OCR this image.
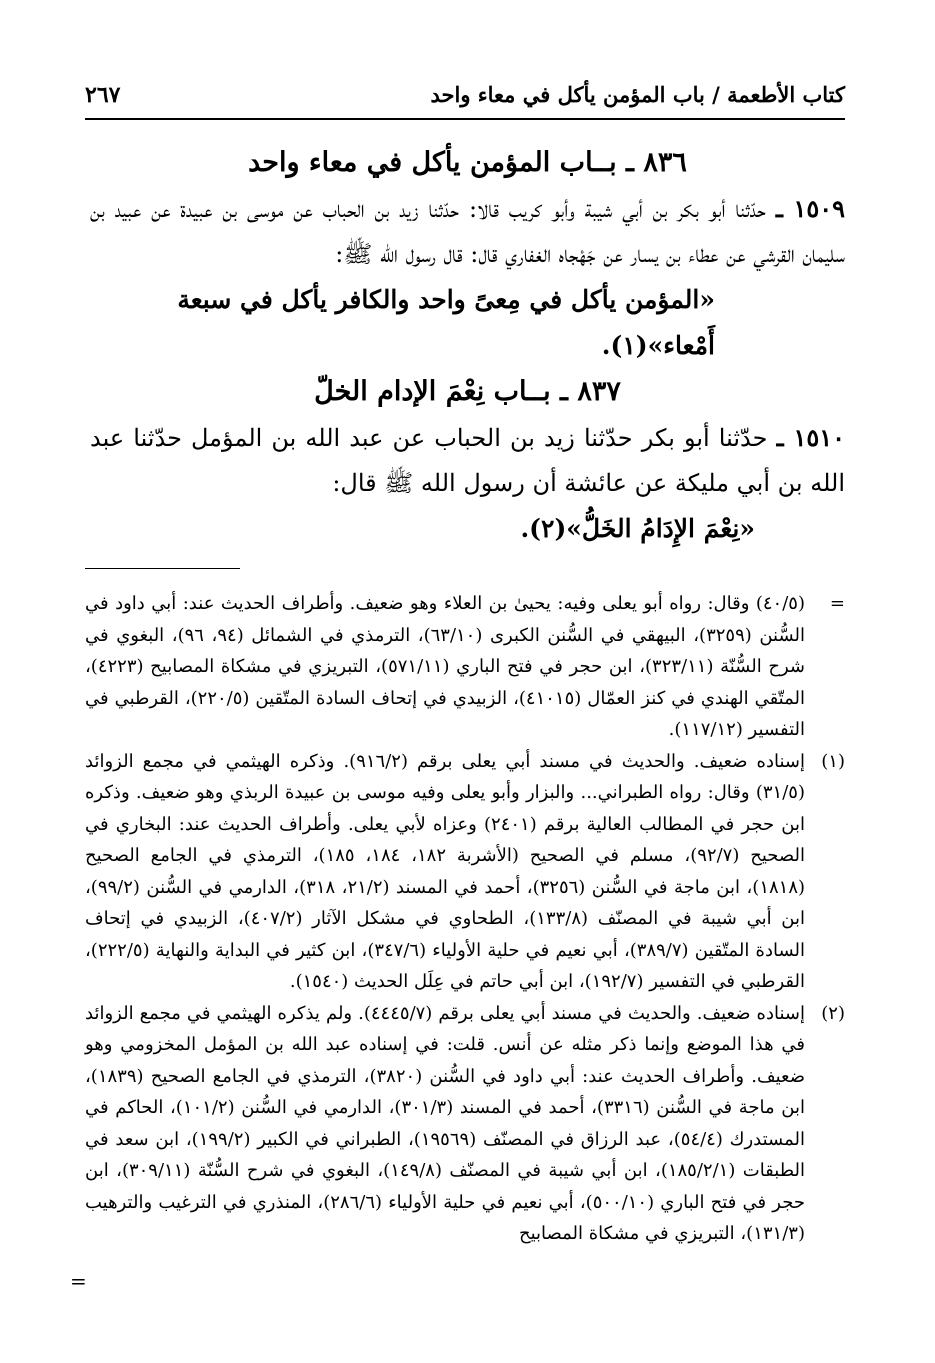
كتاب الأطعمة / باب المؤمن يأكل في معاء واحد
٢٦٧

٨٣٦ ـ بــاب المؤمن يأكل في معاء واحد

١٥٠٩ ـ حدّثنا أبو بكر بن أبي شيبة وأبو كريب قالا: حدّثنا زيد بن الحباب عن موسى بن عبيدة عن عبيد بن سليمان القرشي عن عطاء بن يسار عن جَهْجاه الغفاري قال: قال رسول الله ﷺ:

«المؤمن يأكل في مِعىً واحد والكافر يأكل في سبعة أَمْعاء»(١).

٨٣٧ ـ بــاب نِعْمَ الإدام الخلّ

١٥١٠ ـ حدّثنا أبو بكر حدّثنا زيد بن الحباب عن عبد الله بن المؤمل حدّثنا عبد الله بن أبي مليكة عن عائشة أن رسول الله ﷺ قال:

«نِعْمَ الإِدَامُ الخَلُّ»(٢).

=

(٤٠/٥) وقال: رواه أبو يعلى وفيه: يحيىٰ بن العلاء وهو ضعيف. وأطراف الحديث عند: أبي داود في السُّنن (٣٢٥٩)، البيهقي في السُّنن الكبرى (٦٣/١٠)، الترمذي في الشمائل (٩٤، ٩٦)، البغوي في شرح السُّنّة (٣٢٣/١١)، ابن حجر في فتح الباري (٥٧١/١١)، التبريزي في مشكاة المصابيح (٤٢٢٣)، المتّقي الهندي في كنز العمّال (٤١٠١٥)، الزبيدي في إتحاف السادة المتّقين (٢٢٠/٥)، القرطبي في التفسير (١١٧/١٢).

(١)

إسناده ضعيف. والحديث في مسند أبي يعلى برقم (٩١٦/٢). وذكره الهيثمي في مجمع الزوائد (٣١/٥) وقال: رواه الطبراني... والبزار وأبو يعلى وفيه موسى بن عبيدة الربذي وهو ضعيف. وذكره ابن حجر في المطالب العالية برقم (٢٤٠١) وعزاه لأبي يعلى. وأطراف الحديث عند: البخاري في الصحيح (٩٢/٧)، مسلم في الصحيح (الأشربة ١٨٢، ١٨٤، ١٨٥)، الترمذي في الجامع الصحيح (١٨١٨)، ابن ماجة في السُّنن (٣٢٥٦)، أحمد في المسند (٢١/٢، ٣١٨)، الدارمي في السُّنن (٩٩/٢)، ابن أبي شيبة في المصنّف (١٣٣/٨)، الطحاوي في مشكل الآثار (٤٠٧/٢)، الزبيدي في إتحاف السادة المتّقين (٣٨٩/٧)، أبي نعيم في حلية الأولياء (٣٤٧/٦)، ابن كثير في البداية والنهاية (٢٢٢/٥)، القرطبي في التفسير (١٩٢/٧)، ابن أبي حاتم في عِلَل الحديث (١٥٤٠).

(٢)

إسناده ضعيف. والحديث في مسند أبي يعلى برقم (٤٤٤٥/٧). ولم يذكره الهيثمي في مجمع الزوائد في هذا الموضع وإنما ذكر مثله عن أنس. قلت: في إسناده عبد الله بن المؤمل المخزومي وهو ضعيف. وأطراف الحديث عند: أبي داود في السُّنن (٣٨٢٠)، الترمذي في الجامع الصحيح (١٨٣٩)، ابن ماجة في السُّنن (٣٣١٦)، أحمد في المسند (٣٠١/٣)، الدارمي في السُّنن (١٠١/٢)، الحاكم في المستدرك (٥٤/٤)، عبد الرزاق في المصنّف (١٩٥٦٩)، الطبراني في الكبير (١٩٩/٢)، ابن سعد في الطبقات (١٨٥/٢/١)، ابن أبي شيبة في المصنّف (١٤٩/٨)، البغوي في شرح السُّنّة (٣٠٩/١١)، ابن حجر في فتح الباري (٥٠٠/١٠)، أبي نعيم في حلية الأولياء (٢٨٦/٦)، المنذري في الترغيب والترهيب (١٣١/٣)، التبريزي في مشكاة المصابيح

=
